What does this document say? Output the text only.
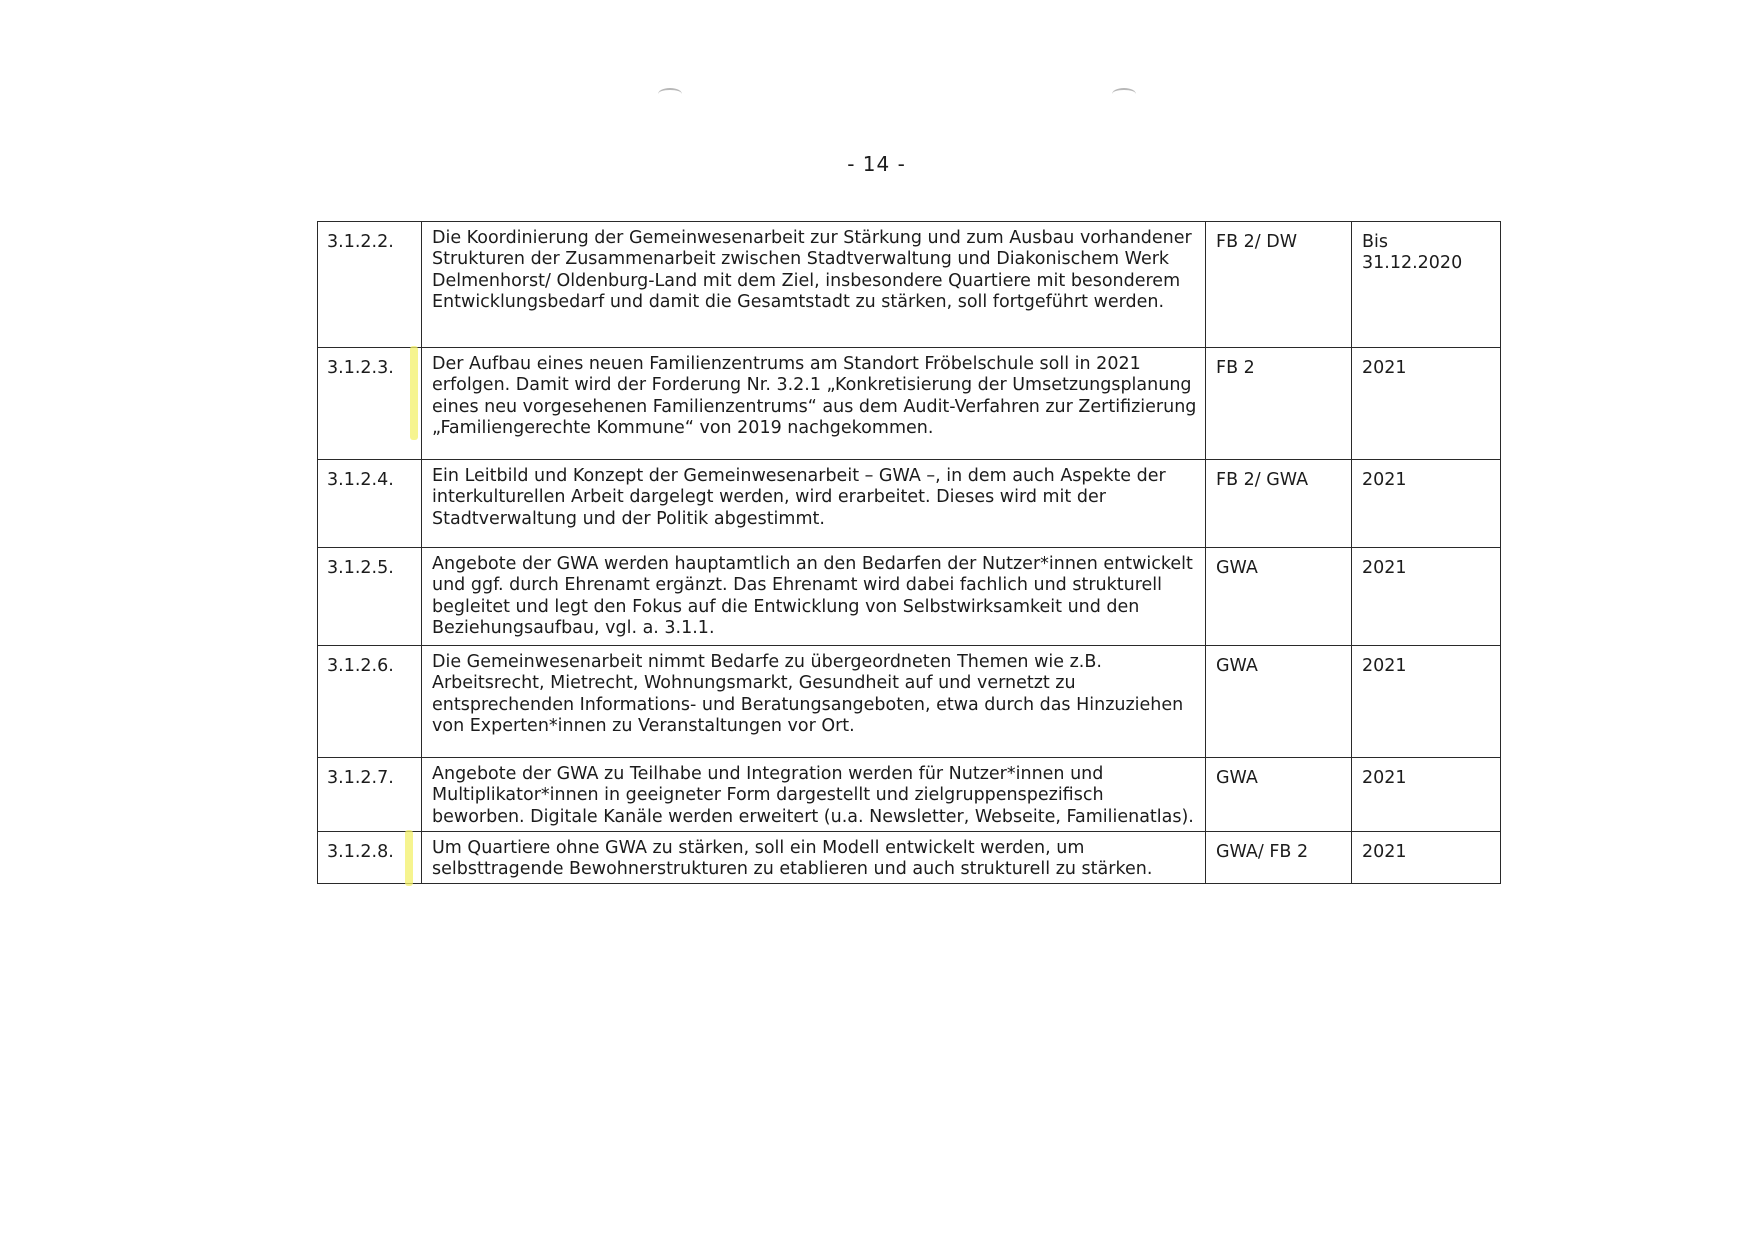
- 14 -
3.1.2.2.	Die Koordinierung der Gemeinwesenarbeit zur Stärkung und zum Ausbau vorhandener Strukturen der Zusammenarbeit zwischen Stadtverwaltung und Diakonischem Werk Delmenhorst/ Oldenburg-Land mit dem Ziel, insbesondere Quartiere mit besonderem Entwicklungsbedarf und damit die Gesamtstadt zu stärken, soll fortgeführt werden.	FB 2/ DW	Bis 31.12.2020
3.1.2.3.	Der Aufbau eines neuen Familienzentrums am Standort Fröbelschule soll in 2021 erfolgen. Damit wird der Forderung Nr. 3.2.1 „Konkretisierung der Umsetzungsplanung eines neu vorgesehenen Familienzentrums“ aus dem Audit-Verfahren zur Zertifizierung „Familiengerechte Kommune“ von 2019 nachgekommen.	FB 2	2021
3.1.2.4.	Ein Leitbild und Konzept der Gemeinwesenarbeit – GWA –, in dem auch Aspekte der interkulturellen Arbeit dargelegt werden, wird erarbeitet. Dieses wird mit der Stadtverwaltung und der Politik abgestimmt.	FB 2/ GWA	2021
3.1.2.5.	Angebote der GWA werden hauptamtlich an den Bedarfen der Nutzer*innen entwickelt und ggf. durch Ehrenamt ergänzt. Das Ehrenamt wird dabei fachlich und strukturell begleitet und legt den Fokus auf die Entwicklung von Selbstwirksamkeit und den Beziehungsaufbau, vgl. a. 3.1.1.	GWA	2021
3.1.2.6.	Die Gemeinwesenarbeit nimmt Bedarfe zu übergeordneten Themen wie z.B. Arbeitsrecht, Mietrecht, Wohnungsmarkt, Gesundheit auf und vernetzt zu entsprechenden Informations- und Beratungsangeboten, etwa durch das Hinzuziehen von Experten*innen zu Veranstaltungen vor Ort.	GWA	2021
3.1.2.7.	Angebote der GWA zu Teilhabe und Integration werden für Nutzer*innen und Multiplikator*innen in geeigneter Form dargestellt und zielgruppenspezifisch beworben. Digitale Kanäle werden erweitert (u.a. Newsletter, Webseite, Familienatlas).	GWA	2021
3.1.2.8.	Um Quartiere ohne GWA zu stärken, soll ein Modell entwickelt werden, um selbsttragende Bewohnerstrukturen zu etablieren und auch strukturell zu stärken.	GWA/ FB 2	2021
